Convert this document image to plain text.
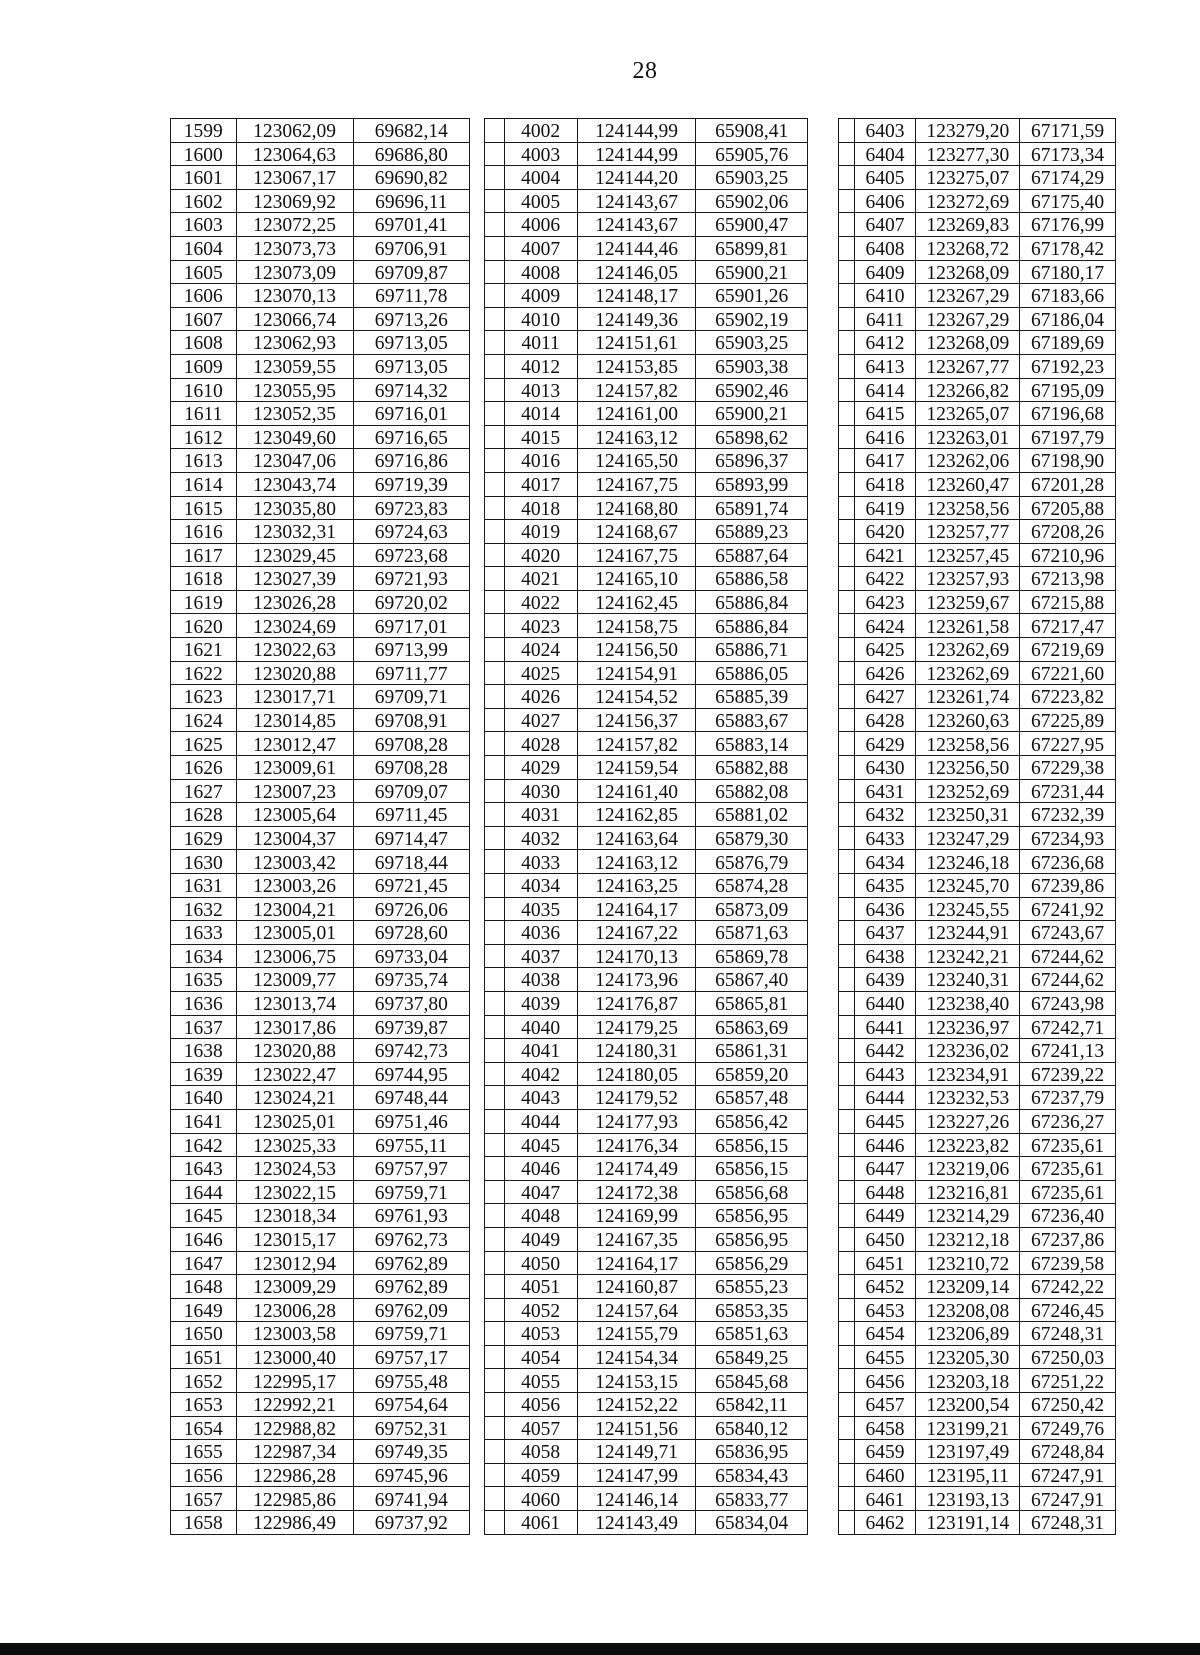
28
1599	123062,09	69682,14
1600	123064,63	69686,80
1601	123067,17	69690,82
1602	123069,92	69696,11
1603	123072,25	69701,41
1604	123073,73	69706,91
1605	123073,09	69709,87
1606	123070,13	69711,78
1607	123066,74	69713,26
1608	123062,93	69713,05
1609	123059,55	69713,05
1610	123055,95	69714,32
1611	123052,35	69716,01
1612	123049,60	69716,65
1613	123047,06	69716,86
1614	123043,74	69719,39
1615	123035,80	69723,83
1616	123032,31	69724,63
1617	123029,45	69723,68
1618	123027,39	69721,93
1619	123026,28	69720,02
1620	123024,69	69717,01
1621	123022,63	69713,99
1622	123020,88	69711,77
1623	123017,71	69709,71
1624	123014,85	69708,91
1625	123012,47	69708,28
1626	123009,61	69708,28
1627	123007,23	69709,07
1628	123005,64	69711,45
1629	123004,37	69714,47
1630	123003,42	69718,44
1631	123003,26	69721,45
1632	123004,21	69726,06
1633	123005,01	69728,60
1634	123006,75	69733,04
1635	123009,77	69735,74
1636	123013,74	69737,80
1637	123017,86	69739,87
1638	123020,88	69742,73
1639	123022,47	69744,95
1640	123024,21	69748,44
1641	123025,01	69751,46
1642	123025,33	69755,11
1643	123024,53	69757,97
1644	123022,15	69759,71
1645	123018,34	69761,93
1646	123015,17	69762,73
1647	123012,94	69762,89
1648	123009,29	69762,89
1649	123006,28	69762,09
1650	123003,58	69759,71
1651	123000,40	69757,17
1652	122995,17	69755,48
1653	122992,21	69754,64
1654	122988,82	69752,31
1655	122987,34	69749,35
1656	122986,28	69745,96
1657	122985,86	69741,94
1658	122986,49	69737,92
	4002	124144,99	65908,41
	4003	124144,99	65905,76
	4004	124144,20	65903,25
	4005	124143,67	65902,06
	4006	124143,67	65900,47
	4007	124144,46	65899,81
	4008	124146,05	65900,21
	4009	124148,17	65901,26
	4010	124149,36	65902,19
	4011	124151,61	65903,25
	4012	124153,85	65903,38
	4013	124157,82	65902,46
	4014	124161,00	65900,21
	4015	124163,12	65898,62
	4016	124165,50	65896,37
	4017	124167,75	65893,99
	4018	124168,80	65891,74
	4019	124168,67	65889,23
	4020	124167,75	65887,64
	4021	124165,10	65886,58
	4022	124162,45	65886,84
	4023	124158,75	65886,84
	4024	124156,50	65886,71
	4025	124154,91	65886,05
	4026	124154,52	65885,39
	4027	124156,37	65883,67
	4028	124157,82	65883,14
	4029	124159,54	65882,88
	4030	124161,40	65882,08
	4031	124162,85	65881,02
	4032	124163,64	65879,30
	4033	124163,12	65876,79
	4034	124163,25	65874,28
	4035	124164,17	65873,09
	4036	124167,22	65871,63
	4037	124170,13	65869,78
	4038	124173,96	65867,40
	4039	124176,87	65865,81
	4040	124179,25	65863,69
	4041	124180,31	65861,31
	4042	124180,05	65859,20
	4043	124179,52	65857,48
	4044	124177,93	65856,42
	4045	124176,34	65856,15
	4046	124174,49	65856,15
	4047	124172,38	65856,68
	4048	124169,99	65856,95
	4049	124167,35	65856,95
	4050	124164,17	65856,29
	4051	124160,87	65855,23
	4052	124157,64	65853,35
	4053	124155,79	65851,63
	4054	124154,34	65849,25
	4055	124153,15	65845,68
	4056	124152,22	65842,11
	4057	124151,56	65840,12
	4058	124149,71	65836,95
	4059	124147,99	65834,43
	4060	124146,14	65833,77
	4061	124143,49	65834,04
	6403	123279,20	67171,59
	6404	123277,30	67173,34
	6405	123275,07	67174,29
	6406	123272,69	67175,40
	6407	123269,83	67176,99
	6408	123268,72	67178,42
	6409	123268,09	67180,17
	6410	123267,29	67183,66
	6411	123267,29	67186,04
	6412	123268,09	67189,69
	6413	123267,77	67192,23
	6414	123266,82	67195,09
	6415	123265,07	67196,68
	6416	123263,01	67197,79
	6417	123262,06	67198,90
	6418	123260,47	67201,28
	6419	123258,56	67205,88
	6420	123257,77	67208,26
	6421	123257,45	67210,96
	6422	123257,93	67213,98
	6423	123259,67	67215,88
	6424	123261,58	67217,47
	6425	123262,69	67219,69
	6426	123262,69	67221,60
	6427	123261,74	67223,82
	6428	123260,63	67225,89
	6429	123258,56	67227,95
	6430	123256,50	67229,38
	6431	123252,69	67231,44
	6432	123250,31	67232,39
	6433	123247,29	67234,93
	6434	123246,18	67236,68
	6435	123245,70	67239,86
	6436	123245,55	67241,92
	6437	123244,91	67243,67
	6438	123242,21	67244,62
	6439	123240,31	67244,62
	6440	123238,40	67243,98
	6441	123236,97	67242,71
	6442	123236,02	67241,13
	6443	123234,91	67239,22
	6444	123232,53	67237,79
	6445	123227,26	67236,27
	6446	123223,82	67235,61
	6447	123219,06	67235,61
	6448	123216,81	67235,61
	6449	123214,29	67236,40
	6450	123212,18	67237,86
	6451	123210,72	67239,58
	6452	123209,14	67242,22
	6453	123208,08	67246,45
	6454	123206,89	67248,31
	6455	123205,30	67250,03
	6456	123203,18	67251,22
	6457	123200,54	67250,42
	6458	123199,21	67249,76
	6459	123197,49	67248,84
	6460	123195,11	67247,91
	6461	123193,13	67247,91
	6462	123191,14	67248,31
